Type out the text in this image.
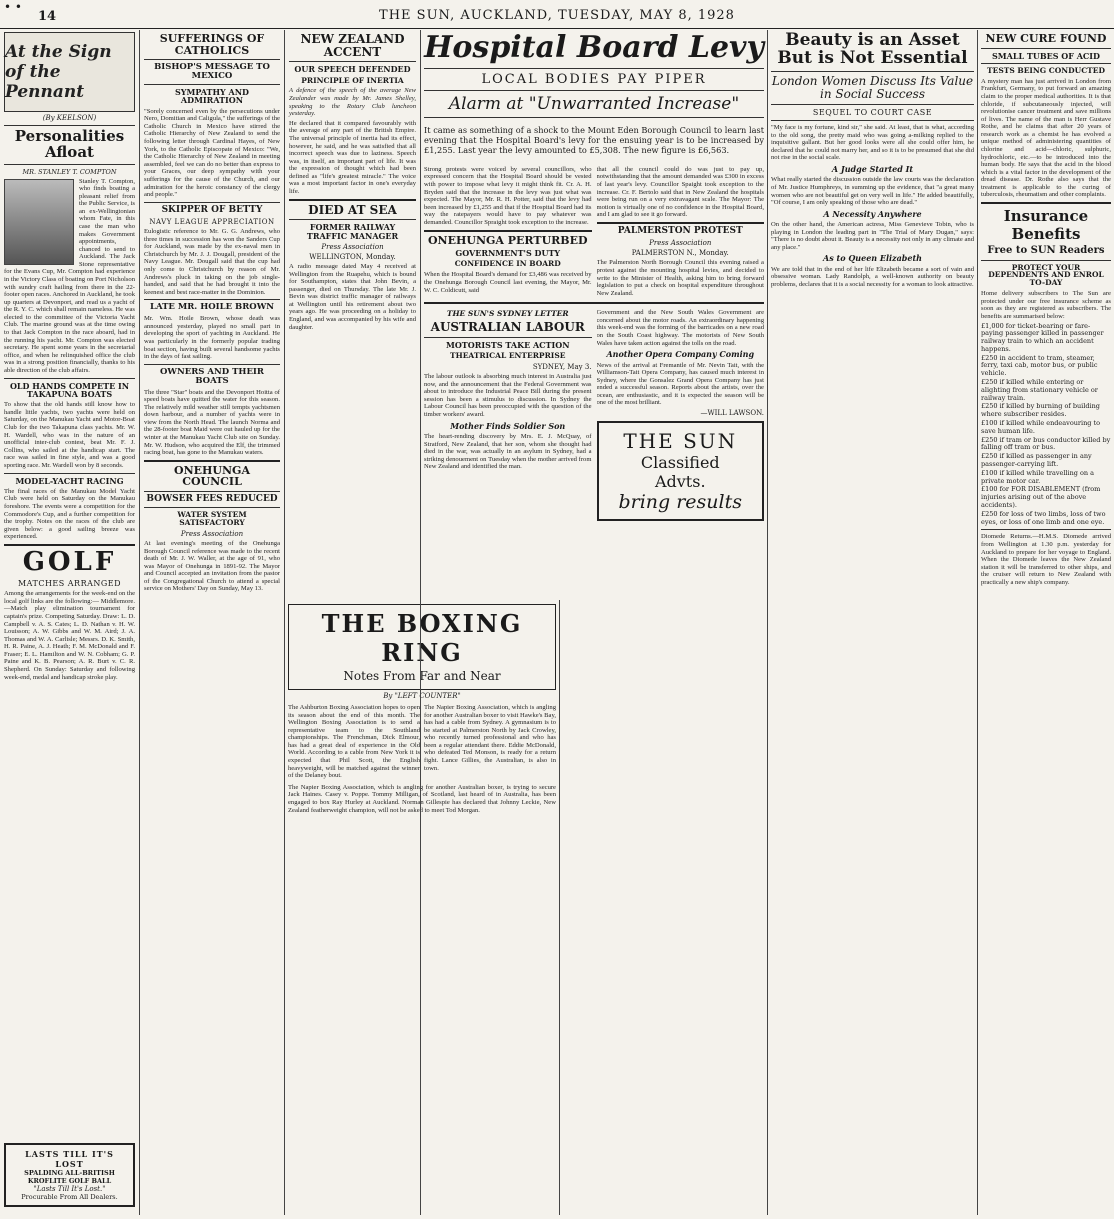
• •
14	THE SUN, AUCKLAND, TUESDAY, MAY 8, 1928
At the Sign of the Pennant
(By KEELSON)
Personalities Afloat
MR. STANLEY T. COMPTON

Stanley T. Compton, who finds boating a pleasant relief from the Public Service, is an ex-Wellingtonian whom Fate, in this case the man who makes Government appointments, chanced to send to Auckland. The Jack Stone representative for the Evans Cup, Mr. Compton had experience in the Victory Class of boating on Port Nicholson with sundry craft hailing from there in the 22-footer open races. Anchored in Auckland, he took up quarters at Devonport, and read us a yacht of the R. Y. C. which shall remain nameless. He was elected to the committee of the Victoria Yacht Club. The marine ground was at the time owing to that Jack Compton in the race aboard, had in the running his yacht. Mr. Compton was elected secretary. He spent some years in the secretarial office, and when he relinquished office the club was in a strong position financially, thanks to his able direction of the club affairs.

OLD HANDS COMPETE IN TAKAPUNA BOATS

To show that the old hands still know how to handle little yachts, two yachts were held on Saturday, on the Manukau Yacht and Motor-Boat Club for the two Takapuna class yachts. Mr. W. H. Wardell, who was in the nature of an unofficial inter-club contest, beat Mr. F. J. Collins, who sailed at the handicap start. The race was sailed in fine style, and was a good sporting race. Mr. Wardell won by 8 seconds.

MODEL-YACHT RACING

The final races of the Manukau Model Yacht Club were held on Saturday on the Manukau foreshore. The events were a competition for the Commodore's Cup, and a further competition for the trophy. Notes on the races of the club are given below: a good sailing breeze was experienced.

GOLF
MATCHES ARRANGED

Among the arrangements for the week-end on the local golf links are the following:— Middlemore.—Match play elimination tournament for captain's prize. Competing Saturday. Draw: L. D. Campbell v. A. S. Cates; L. D. Nathan v. H. W. Louisson; A. W. Gibbs and W. M. Aird; J. A. Thomas and W. A. Carlisle; Messrs. D. K. Smith, H. R. Paine, A. J. Heath; F. M. McDonald and F. Fraser; E. L. Hamilton and W. N. Cobham; G. P. Paine and K. B. Pearson; A. R. Burt v. C. R. Shepherd. On Sunday: Saturday and following week-end, medal and handicap stroke play.

LASTS TILL IT'S LOST
SPALDING ALL-BRITISH KROFLITE GOLF BALL
"Lasts Till It's Lost."
Procurable From All Dealers.
SUFFERINGS OF CATHOLICS
BISHOP'S MESSAGE TO MEXICO
SYMPATHY AND ADMIRATION

"Sorely concerned even by the persecutions under Nero, Domitian and Caligula," the sufferings of the Catholic Church in Mexico have stirred the Catholic Hierarchy of New Zealand to send the following letter through Cardinal Hayes, of New York, to the Catholic Episcopate of Mexico: "We, the Catholic Hierarchy of New Zealand in meeting assembled, feel we can do no better than express to your Graces, our deep sympathy with your sufferings for the cause of the Church, and our admiration for the heroic constancy of the clergy and people."

SKIPPER OF BETTY
NAVY LEAGUE APPRECIATION

Eulogistic reference to Mr. G. G. Andrews, who three times in succession has won the Sanders Cup for Auckland, was made by the ex-naval men in Christchurch by Mr. J. J. Dougall, president of the Navy League. Mr. Dougall said that the cup had only come to Christchurch by reason of Mr. Andrews's pluck in taking on the job single-handed, and said that he had brought it into the keenest and best race-matter in the Dominion.

LATE MR. HOILE BROWN

Mr. Wm. Hoile Brown, whose death was announced yesterday, played no small part in developing the sport of yachting in Auckland. He was particularly in the formerly popular trading boat section, having built several handsome yachts in the days of fast sailing.

OWNERS AND THEIR BOATS

The three "Star" boats and the Devonport Hoitta of speed boats have quitted the water for this season. The relatively mild weather still tempts yachtsmen down harbour, and a number of yachts were in view from the North Head. The launch Norma and the 28-footer boat Maid were out hauled up for the winter at the Manukau Yacht Club site on Sunday. Mr. W. Hudson, who acquired the Elf, the trimmed racing boat, has gone to the Manukau waters.

ONEHUNGA COUNCIL
BOWSER FEES REDUCED
WATER SYSTEM SATISFACTORY
Press Association

At last evening's meeting of the Onehunga Borough Council reference was made to the recent death of Mr. J. W. Waller, at the age of 91, who was Mayor of Onehunga in 1891-92. The Mayor and Council accepted an invitation from the pastor of the Congregational Church to attend a special service on Mothers' Day on Sunday, May 13.

NEW ZEALAND ACCENT
OUR SPEECH DEFENDED
PRINCIPLE OF INERTIA

A defence of the speech of the average New Zealander was made by Mr. James Shelley, speaking to the Rotary Club luncheon yesterday.

He declared that it compared favourably with the average of any part of the British Empire. The universal principle of inertia had its effect, however, he said, and he was satisfied that all incorrect speech was due to laziness. Speech was, in itself, an important part of life. It was the expression of thought which had been defined as "life's greatest miracle." The voice was a most important factor in one's everyday life.

DIED AT SEA
FORMER RAILWAY TRAFFIC MANAGER
Press Association
WELLINGTON, Monday.

A radio message dated May 4 received at Wellington from the Ruapehu, which is bound for Southampton, states that John Bevin, a passenger, died on Thursday. The late Mr. J. Bevin was district traffic manager of railways at Wellington until his retirement about two years ago. He was proceeding on a holiday to England, and was accompanied by his wife and daughter.

THE BOXING RING
Notes From Far and Near
By "LEFT COUNTER"

The Ashburton Boxing Association hopes to open its season about the end of this month. The Wellington Boxing Association is to send a representative team to the Southland championships. The Frenchman, Dick Elmour, has had a great deal of experience in the Old World. According to a cable from New York it is expected that Phil Scott, the English heavyweight, will be matched against the winner of the Delaney bout.

The Napier Boxing Association, which is angling for another Australian boxer to visit Hawke's Bay, has had a cable from Sydney. A gymnasium is to be started at Palmerston North by Jack Crowley, who recently turned professional and who has been a regular attendant there. Eddie McDonald, who defeated Ted Monson, is ready for a return fight. Lance Gillies, the Australian, is also in town.

The Napier Boxing Association, which is angling for another Australian boxer, is trying to secure Jack Haines. Casey v. Poppe. Tommy Milligan, of Scotland, last heard of in Australia, has been engaged to box Ray Hurley at Auckland. Norman Gillespie has declared that Johnny Leckie, New Zealand featherweight champion, will not be asked to meet Tod Morgan.

Hospital Board Levy
LOCAL BODIES PAY PIPER
Alarm at "Unwarranted Increase"

It came as something of a shock to the Mount Eden Borough Council to learn last evening that the Hospital Board's levy for the ensuing year is to be increased by £1,255. Last year the levy amounted to £5,308. The new figure is £6,563.

Strong protests were voiced by several councillors, who expressed concern that the Hospital Board should be vested with power to impose what levy it might think fit. Cr. A. H. Bryden said that the increase in the levy was just what was expected. The Mayor, Mr. R. H. Potter, said that the levy had been increased by £1,255 and that if the Hospital Board had its way the ratepayers would have to pay whatever was demanded. Councillor Spraight took exception to the increase.

ONEHUNGA PERTURBED
GOVERNMENT'S DUTY
CONFIDENCE IN BOARD

When the Hospital Board's demand for £3,486 was received by the Onehunga Borough Council last evening, the Mayor, Mr. W. C. Coldicutt, said

that all the council could do was just to pay up, notwithstanding that the amount demanded was £300 in excess of last year's levy. Councillor Spaight took exception to the increase. Cr. F. Bertolo said that in New Zealand the hospitals were being run on a very extravagant scale. The Mayor: The motion is virtually one of no confidence in the Hospital Board, and I am glad to see it go forward.

PALMERSTON PROTEST
Press Association
PALMERSTON N., Monday.

The Palmerston North Borough Council this evening raised a protest against the mounting hospital levies, and decided to write to the Minister of Health, asking him to bring forward legislation to put a check on hospital expenditure throughout New Zealand.

THE SUN'S SYDNEY LETTER
AUSTRALIAN LABOUR
MOTORISTS TAKE ACTION
THEATRICAL ENTERPRISE
SYDNEY, May 3.

The labour outlook is absorbing much interest in Australia just now, and the announcement that the Federal Government was about to introduce the Industrial Peace Bill during the present session has been a stimulus to discussion. In Sydney the Labour Council has been preoccupied with the question of the timber workers' award.

Mother Finds Soldier Son

The heart-rending discovery by Mrs. E. J. McQuay, of Stratford, New Zealand, that her son, whom she thought had died in the war, was actually in an asylum in Sydney, had a striking denouement on Tuesday when the mother arrived from New Zealand and identified the man.

Government and the New South Wales Government are concerned about the motor roads. An extraordinary happening this week-end was the forming of the barricades on a new road on the South Coast highway. The motorists of New South Wales have taken action against the tolls on the road.

Another Opera Company Coming

News of the arrival at Fremantle of Mr. Nevin Tait, with the Williamson-Tait Opera Company, has caused much interest in Sydney, where the Gonsalez Grand Opera Company has just ended a successful season. Reports about the artists, over the ocean, are enthusiastic, and it is expected the season will be one of the most brilliant.

—WILL LAWSON.
THE SUN
Classified
Advts.
bring results
Beauty is an Asset But is Not Essential
London Women Discuss Its Value in Social Success
SEQUEL TO COURT CASE

"My face is my fortune, kind sir," she said. At least, that is what, according to the old song, the pretty maid who was going a-milking replied to the inquisitive gallant. But her good looks were all she could offer him, he declared that he could not marry her, and so it is to be presumed that she did not rise in the social scale.

A Judge Started It

What really started the discussion outside the law courts was the declaration of Mr. Justice Humphreys, in summing up the evidence, that "a great many women who are not beautiful get on very well in life." He added beautifully, "Of course, I am only speaking of those who are dead."

A Necessity Anywhere

On the other hand, the American actress, Miss Genevieve Tobin, who is playing in London the leading part in "The Trial of Mary Dugan," says: "There is no doubt about it. Beauty is a necessity not only in any climate and any place."

As to Queen Elizabeth

We are told that in the end of her life Elizabeth became a sort of vain and obsessive woman. Lady Randolph, a well-known authority on beauty problems, declares that it is a social necessity for a woman to look attractive.

NEW CURE FOUND
SMALL TUBES OF ACID
TESTS BEING CONDUCTED

A mystery man has just arrived in London from Frankfurt, Germany, to put forward an amazing claim to the proper medical authorities. It is that chloride, if subcutaneously injected, will revolutionise cancer treatment and save millions of lives. The name of the man is Herr Gustave Rothe, and he claims that after 20 years of research work as a chemist he has evolved a unique method of administering quantities of chlorine and acid—chloric, sulphuric, hydrochloric, etc.—to be introduced into the human body. He says that the acid in the blood which is a vital factor in the development of the dread disease. Dr. Rothe also says that the treatment is applicable to the curing of tuberculosis, rheumatism and other complaints.

Insurance Benefits
Free to SUN Readers
PROTECT YOUR DEPENDENTS AND ENROL TO-DAY

Home delivery subscribers to The Sun are protected under our free insurance scheme as soon as they are registered as subscribers. The benefits are summarised below:

£1,000 for ticket-bearing or fare-paying passenger killed in passenger railway train to which an accident happens.
£250 in accident to tram, steamer, ferry, taxi cab, motor bus, or public vehicle.
£250 if killed while entering or alighting from stationary vehicle or railway train.
£250 if killed by burning of building where subscriber resides.
£100 if killed while endeavouring to save human life.
£250 if tram or bus conductor killed by falling off tram or bus.
£250 if killed as passenger in any passenger-carrying lift.
£100 if killed while travelling on a private motor car.
£100 for FOR DISABLEMENT (from injuries arising out of the above accidents).
£250 for loss of two limbs, loss of two eyes, or loss of one limb and one eye.

Diomede Returns.—H.M.S. Diomede arrived from Wellington at 1.30 p.m. yesterday for Auckland to prepare for her voyage to England. When the Diomede leaves the New Zealand station it will be transferred to other ships, and the cruiser will return to New Zealand with practically a new ship's company.
